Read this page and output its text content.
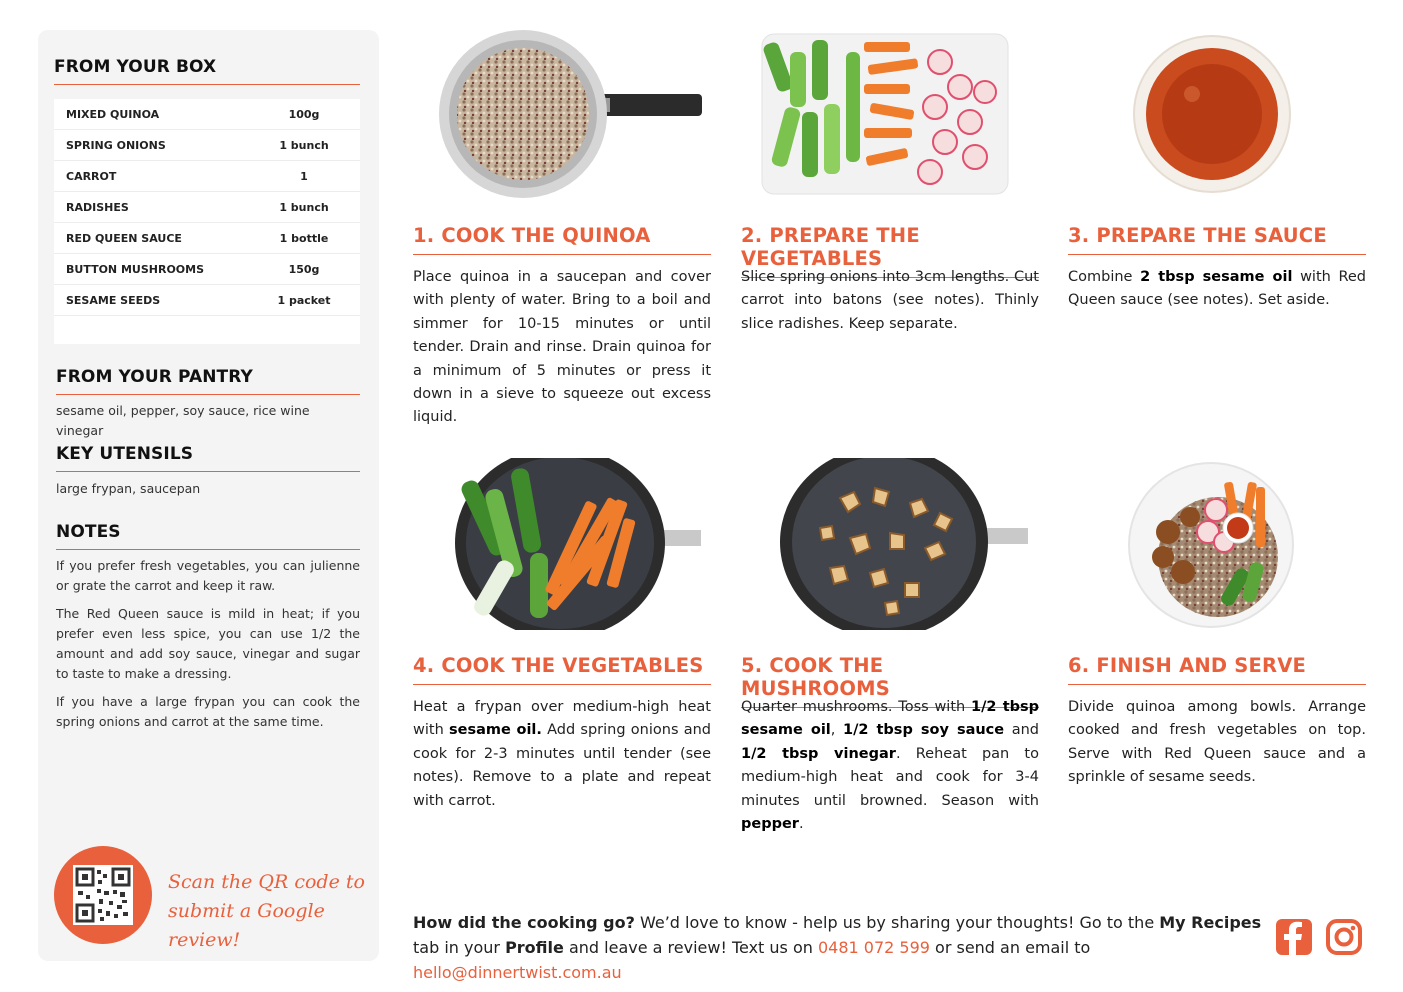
FROM YOUR BOX
MIXED QUINOA	100g
SPRING ONIONS	1 bunch
CARROT	1
RADISHES	1 bunch
RED QUEEN SAUCE	1 bottle
BUTTON MUSHROOMS	150g
SESAME SEEDS	1 packet
FROM YOUR PANTRY
sesame oil, pepper, soy sauce, rice wine vinegar
KEY UTENSILS
large frypan, saucepan
NOTES

If you prefer fresh vegetables, you can julienne or grate the carrot and keep it raw.

The Red Queen sauce is mild in heat; if you prefer even less spice, you can use 1/2 the amount and add soy sauce, vinegar and sugar to taste to make a dressing.

If you have a large frypan you can cook the spring onions and carrot at the same time.

Scan the QR code to
submit a Google review!
1. COOK THE QUINOA
Place quinoa in a saucepan and cover with plenty of water. Bring to a boil and simmer for 10-15 minutes or until tender. Drain and rinse. Drain quinoa for a minimum of 5 minutes or press it down in a sieve to squeeze out excess liquid.
2. PREPARE THE VEGETABLES
Slice spring onions into 3cm lengths. Cut carrot into batons (see notes). Thinly slice radishes. Keep separate.
3. PREPARE THE SAUCE
Combine 2 tbsp sesame oil with Red Queen sauce (see notes). Set aside.
4. COOK THE VEGETABLES
Heat a frypan over medium-high heat with sesame oil. Add spring onions and cook for 2-3 minutes until tender (see notes). Remove to a plate and repeat with carrot.
5. COOK THE MUSHROOMS
Quarter mushrooms. Toss with 1/2 tbsp sesame oil, 1/2 tbsp soy sauce and 1/2 tbsp vinegar. Reheat pan to medium-high heat and cook for 3-4 minutes until browned. Season with pepper.
6. FINISH AND SERVE
Divide quinoa among bowls. Arrange cooked and fresh vegetables on top. Serve with Red Queen sauce and a sprinkle of sesame seeds.
How did the cooking go? We’d love to know - help us by sharing your thoughts! Go to the My Recipes tab in your Profile and leave a review! Text us on 0481 072 599 or send an email to hello@dinnertwist.com.au
